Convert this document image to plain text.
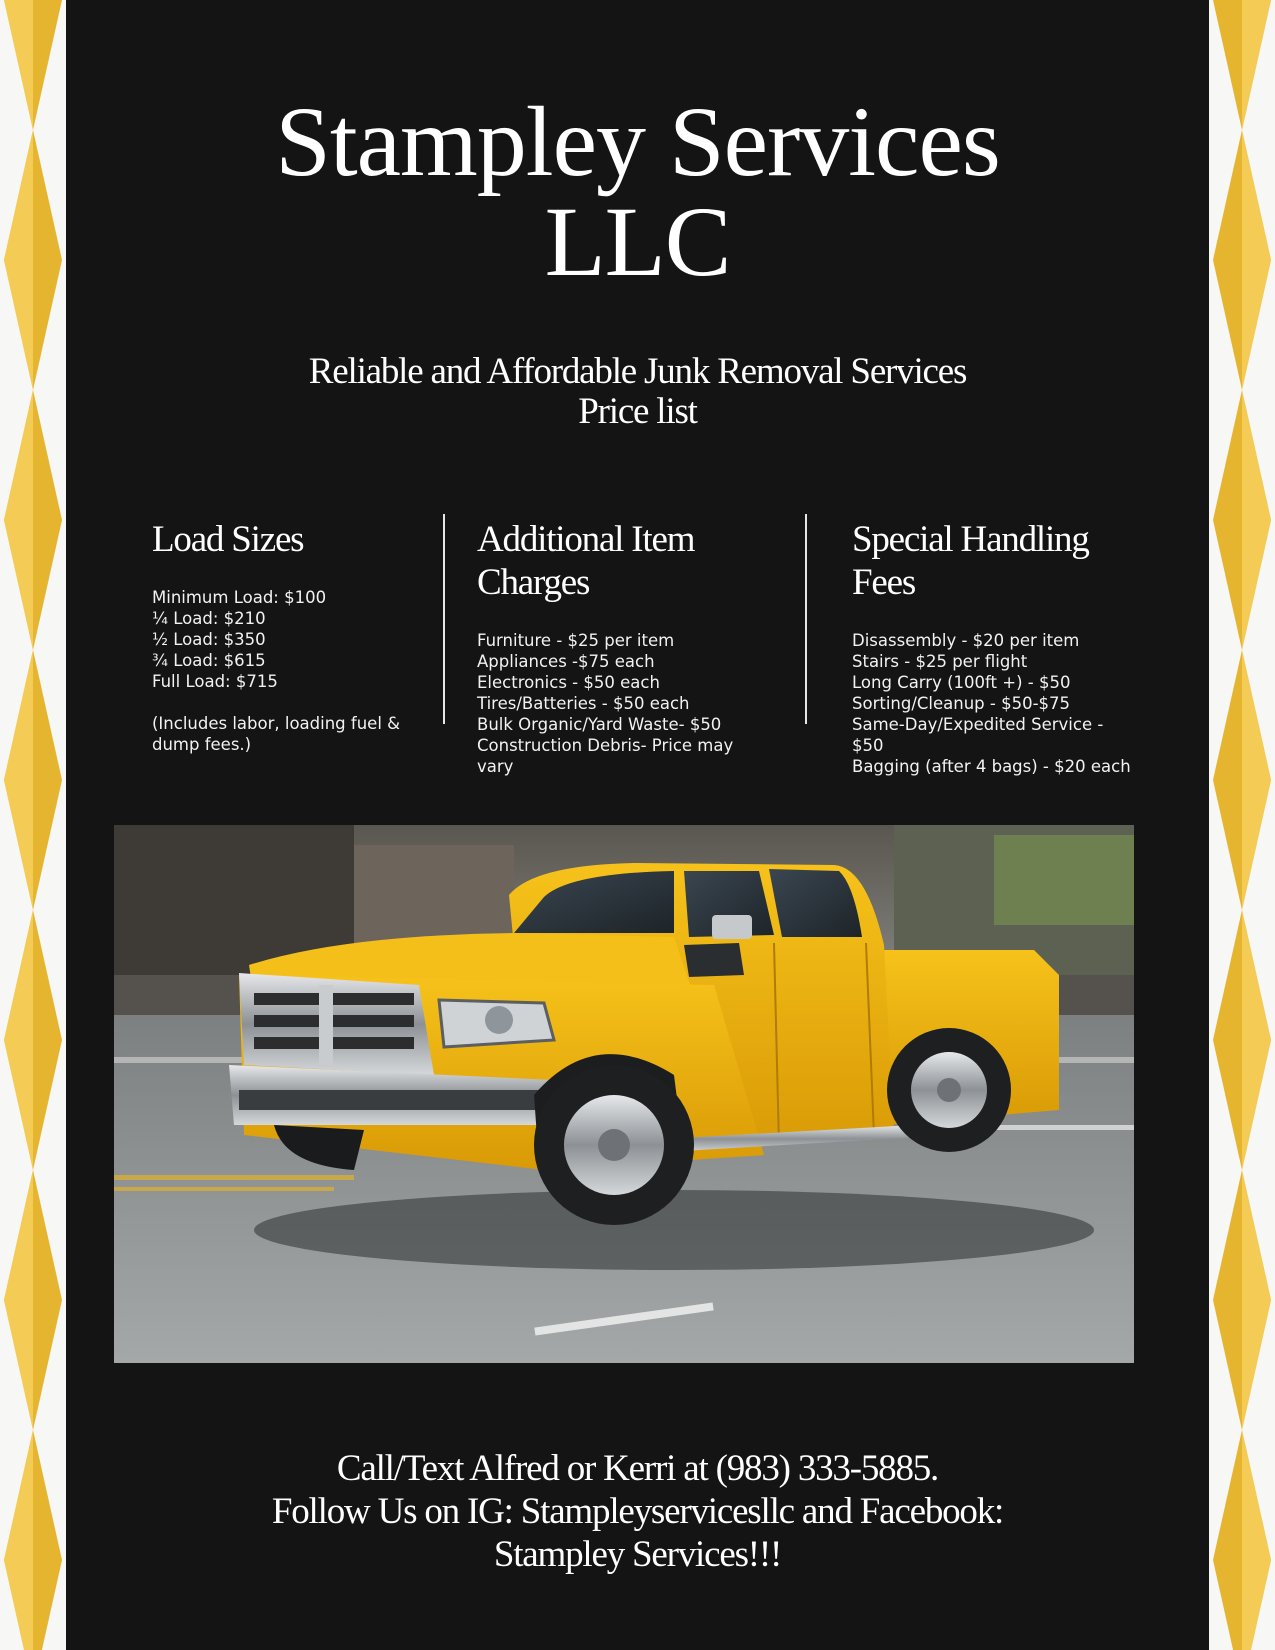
Stampley Services
LLC
Reliable and Affordable Junk Removal Services
Price list
Load Sizes
Minimum Load: $100
¼ Load: $210
½ Load: $350
¾ Load: $615
Full Load: $715
(Includes labor, loading fuel & dump fees.)
Additional Item Charges
Furniture - $25 per item
Appliances -$75 each
Electronics - $50 each
Tires/Batteries - $50 each
Bulk Organic/Yard Waste- $50
Construction Debris- Price may vary
Special Handling Fees
Disassembly - $20 per item
Stairs - $25 per flight
Long Carry (100ft +) - $50
Sorting/Cleanup - $50-$75
Same-Day/Expedited Service - $50
Bagging (after 4 bags) - $20 each
Call/Text Alfred or Kerri at (983) 333-5885.
Follow Us on IG: Stampleyservicesllc and Facebook:
Stampley Services!!!
